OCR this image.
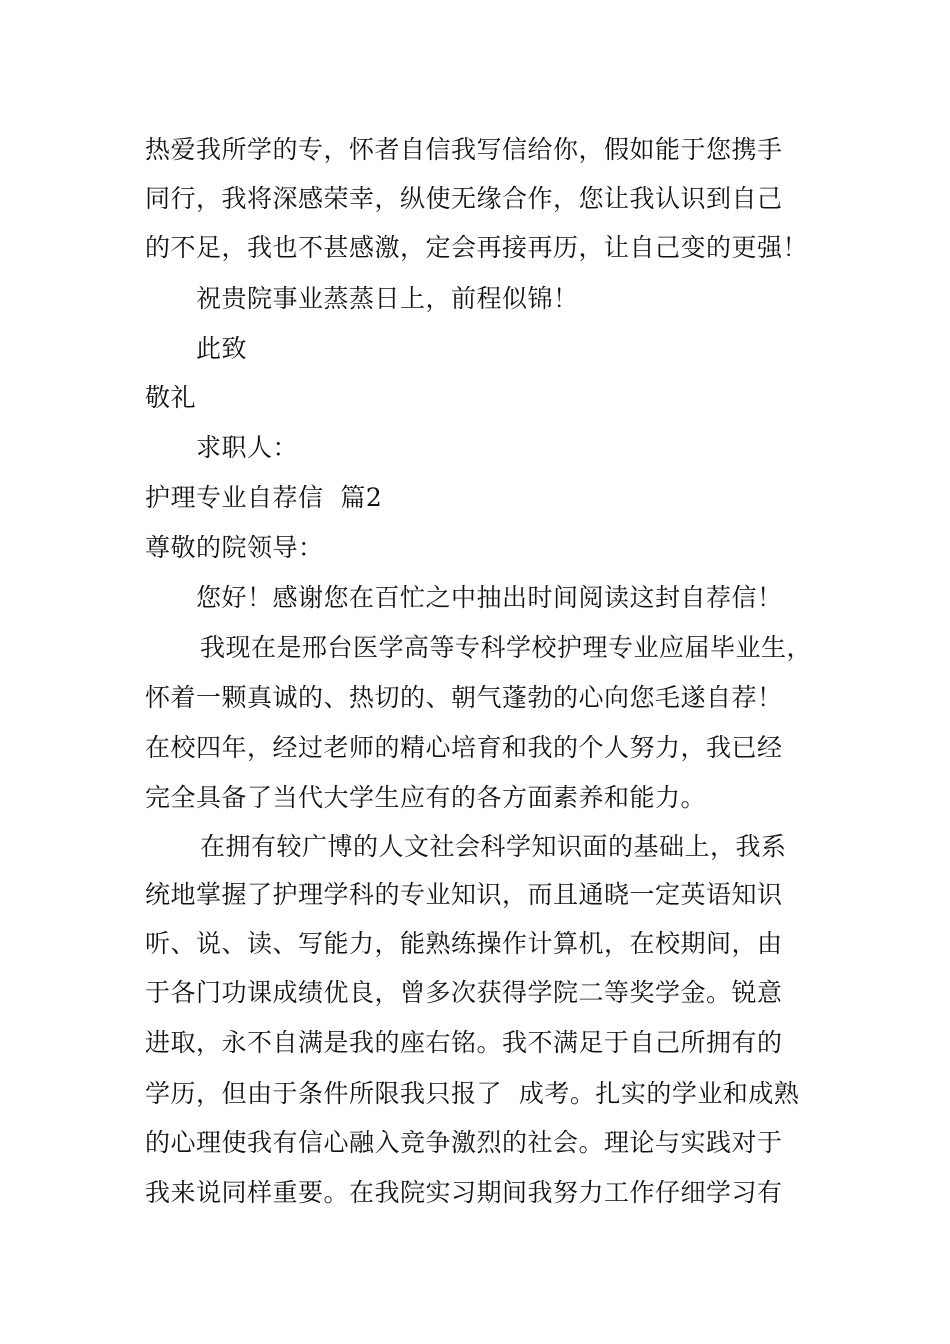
热爱我所学的专，怀者自信我写信给你，假如能于您携手
同行，我将深感荣幸，纵使无缘合作，您让我认识到自己
的不足，我也不甚感激，定会再接再历，让自己变的更强！
祝贵院事业蒸蒸日上，前程似锦！
此致
敬礼
求职人：
护理专业自荐信  篇2
尊敬的院领导：
您好！感谢您在百忙之中抽出时间阅读这封自荐信！
我现在是邢台医学高等专科学校护理专业应届毕业生，
怀着一颗真诚的、热切的、朝气蓬勃的心向您毛遂自荐！
在校四年，经过老师的精心培育和我的个人努力，我已经
完全具备了当代大学生应有的各方面素养和能力。
在拥有较广博的人文社会科学知识面的基础上，我系
统地掌握了护理学科的专业知识，而且通晓一定英语知识
听、说、读、写能力，能熟练操作计算机，在校期间，由
于各门功课成绩优良，曾多次获得学院二等奖学金。锐意
进取，永不自满是我的座右铭。我不满足于自己所拥有的
学历，但由于条件所限我只报了  成考。扎实的学业和成熟
的心理使我有信心融入竞争激烈的社会。理论与实践对于
我来说同样重要。在我院实习期间我努力工作仔细学习有
